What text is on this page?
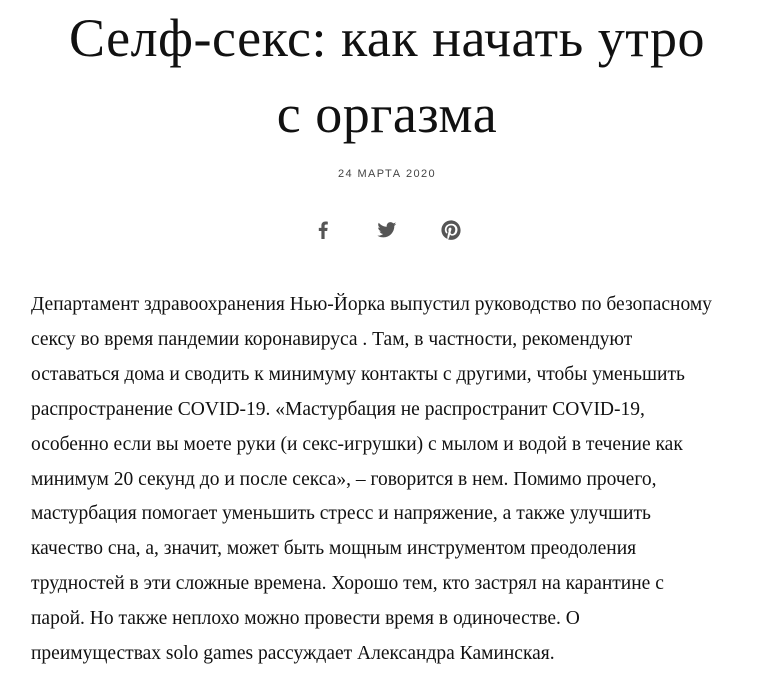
Селф-секс: как начать утро
с оргазма
24 МАРТА 2020
Департамент здравоохранения Нью-Йорка выпустил руководство по безопасному
сексу во время пандемии коронавируса . Там, в частности, рекомендуют
оставаться дома и сводить к минимуму контакты с другими, чтобы уменьшить
распространение COVID-19. «Мастурбация не распространит COVID-19,
особенно если вы моете руки (и секс-игрушки) с мылом и водой в течение как
минимум 20 секунд до и после секса», – говорится в нем. Помимо прочего,
мастурбация помогает уменьшить стресс и напряжение, а также улучшить
качество сна, а, значит, может быть мощным инструментом преодоления
трудностей в эти сложные времена. Хорошо тем, кто застрял на карантине с
парой. Но также неплохо можно провести время в одиночестве. О
преимуществах solo games рассуждает Александра Каминская.
